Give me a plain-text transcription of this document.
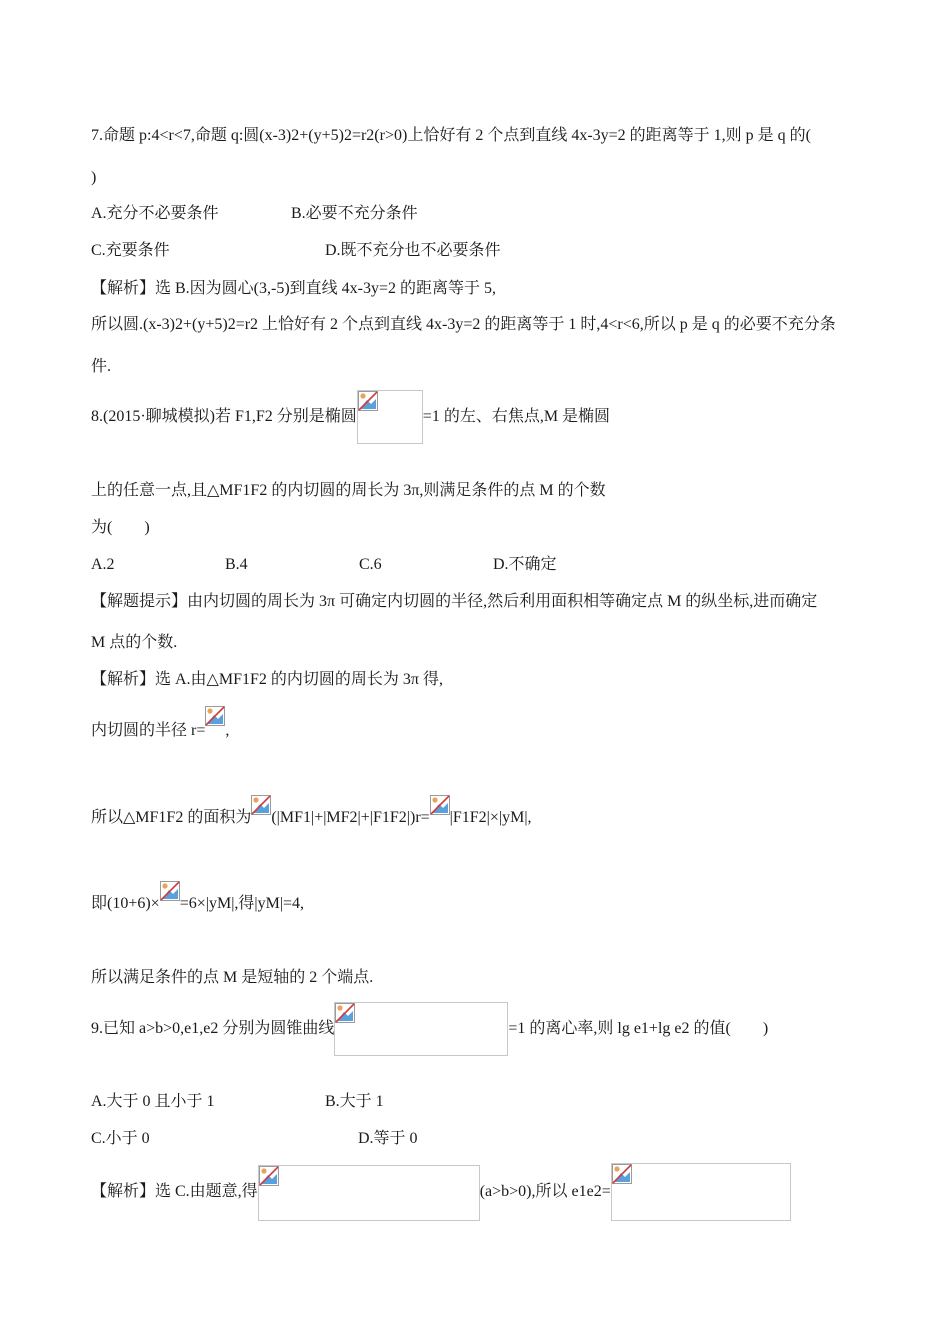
7.命题 p:4<r<7,命题 q:圆(x-3)2+(y+5)2=r2(r>0)上恰好有 2 个点到直线 4x-3y=2 的距离等于 1,则 p 是 q 的(
)
A.充分不必要条件	B.必要不充分条件
C.充要条件	D.既不充分也不必要条件
【解析】选 B.因为圆心(3,-5)到直线 4x-3y=2 的距离等于 5,
所以圆.(x-3)2+(y+5)2=r2 上恰好有 2 个点到直线 4x-3y=2 的距离等于 1 时,4<r<6,所以 p 是 q 的必要不充分条
件.
8.(2015·聊城模拟)若 F1,F2 分别是椭圆	=1 的左、右焦点,M 是椭圆
上的任意一点,且△MF1F2 的内切圆的周长为 3π,则满足条件的点 M 的个数
为(　　)
A.2	B.4	C.6	D.不确定
【解题提示】由内切圆的周长为 3π 可确定内切圆的半径,然后利用面积相等确定点 M 的纵坐标,进而确定
M 点的个数.
【解析】选 A.由△MF1F2 的内切圆的周长为 3π 得,
内切圆的半径 r= ,
所以△MF1F2 的面积为 (|MF1|+|MF2|+|F1F2|)r= |F1F2|×|yM|,
即(10+6)× =6×|yM|,得|yM|=4,
所以满足条件的点 M 是短轴的 2 个端点.
9.已知 a>b>0,e1,e2 分别为圆锥曲线	=1 的离心率,则 lg e1+lg e2 的值(　　)
A.大于 0 且小于 1	B.大于 1
C.小于 0	D.等于 0
【解析】选 C.由题意,得	(a>b>0),所以 e1e2=
